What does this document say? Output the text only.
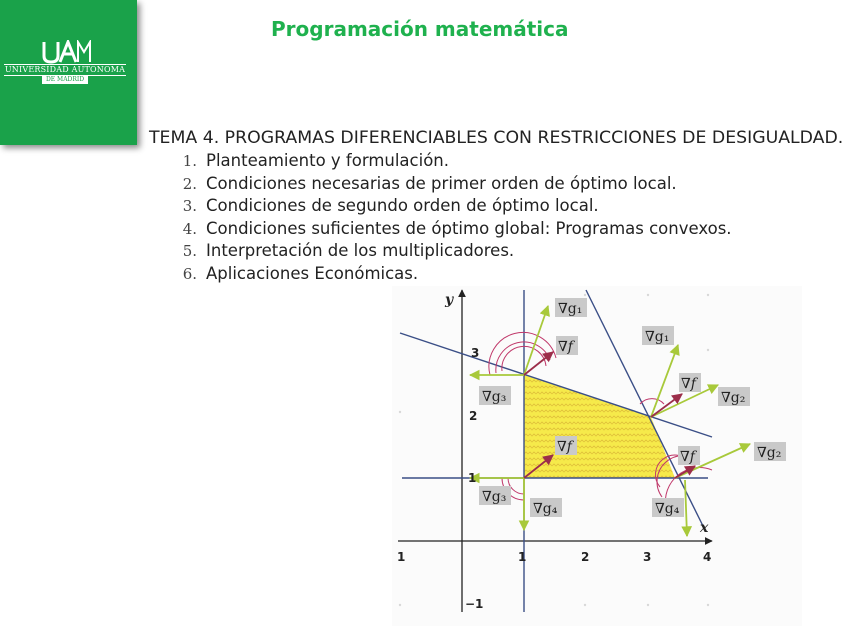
UNIVERSIDAD AUTONOMA
DE MADRID
Programación matemática
TEMA 4. PROGRAMAS DIFERENCIABLES CON RESTRICCIONES DE DESIGUALDAD.
1. Planteamiento y formulación.
2. Condiciones necesarias de primer orden de óptimo local.
3. Condiciones de segundo orden de óptimo local.
4. Condiciones suficientes de óptimo global: Programas convexos.
5. Interpretación de los multiplicadores.
6. Aplicaciones Económicas.
y
x
1	1	2	3	4
3
2
1
−1
∇g₁
∇f
∇g₁
∇f
∇g₂
∇g₃
∇f	∇g₂
∇f
∇g₃
∇g₄	∇g₄
